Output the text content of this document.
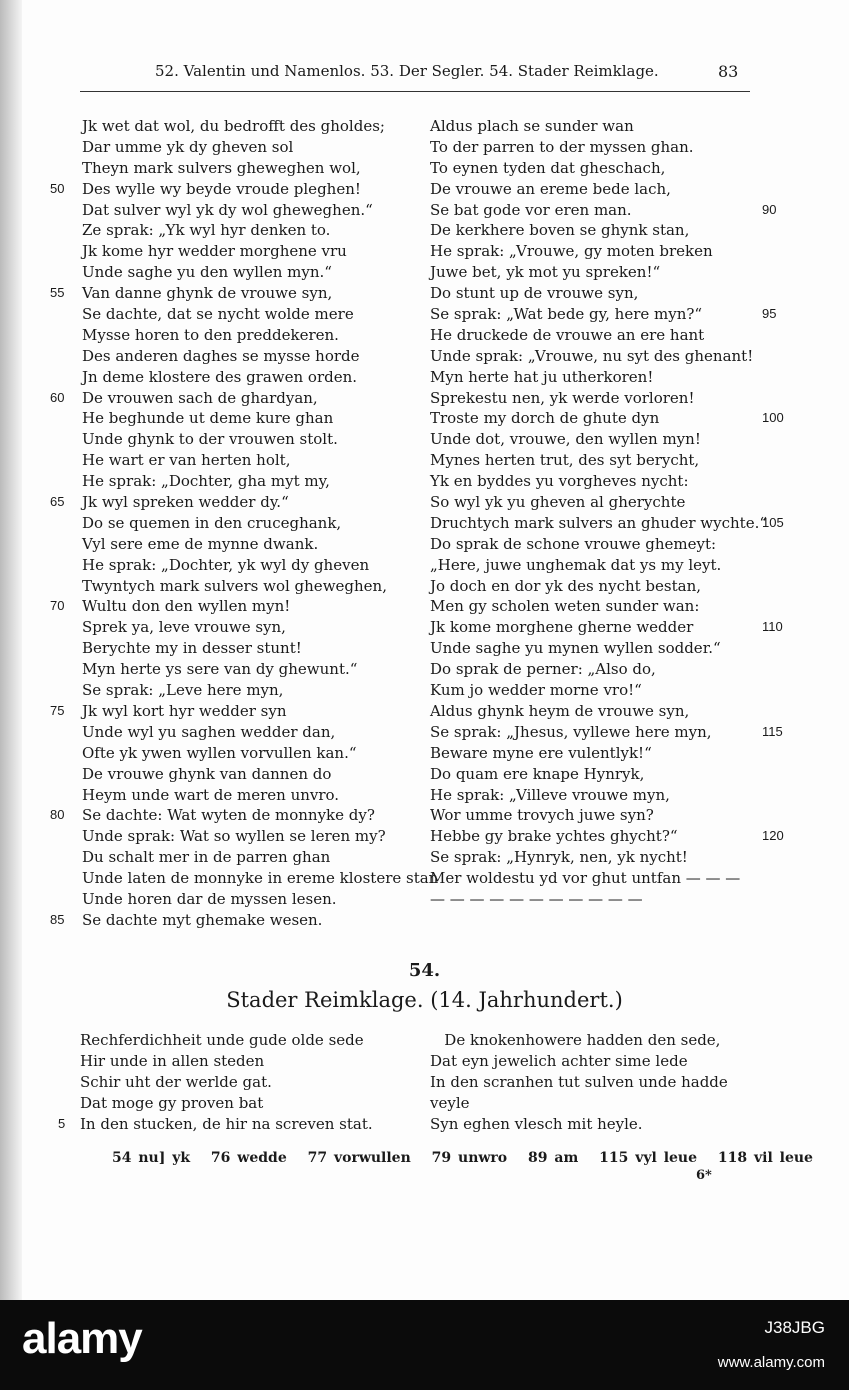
52. Valentin und Namenlos. 53. Der Segler. 54. Stader Reimklage.	83
Jk wet dat wol, du bedrofft des gholdes;
Dar umme yk dy gheven sol
Theyn mark sulvers gheweghen wol,
50 Des wylle wy beyde vroude pleghen!
Dat sulver wyl yk dy wol gheweghen.“
Ze sprak: „Yk wyl hyr denken to.
Jk kome hyr wedder morghene vru
Unde saghe yu den wyllen myn.“
55 Van danne ghynk de vrouwe syn,
Se dachte, dat se nycht wolde mere
Mysse horen to den preddekeren.
Des anderen daghes se mysse horde
Jn deme klostere des grawen orden.
60 De vrouwen sach de ghardyan,
He beghunde ut deme kure ghan
Unde ghynk to der vrouwen stolt.
He wart er van herten holt,
He sprak: „Dochter, gha myt my,
65 Jk wyl spreken wedder dy.“
Do se quemen in den cruceghank,
Vyl sere eme de mynne dwank.
He sprak: „Dochter, yk wyl dy gheven
Twyntych mark sulvers wol gheweghen,
70 Wultu don den wyllen myn!
Sprek ya, leve vrouwe syn,
Berychte my in desser stunt!
Myn herte ys sere van dy ghewunt.“
Se sprak: „Leve here myn,
75 Jk wyl kort hyr wedder syn
Unde wyl yu saghen wedder dan,
Ofte yk ywen wyllen vorvullen kan.“
De vrouwe ghynk van dannen do
Heym unde wart de meren unvro.
80 Se dachte: Wat wyten de monnyke dy?
Unde sprak: Wat so wyllen se leren my?
Du schalt mer in de parren ghan
Unde laten de monnyke in ereme klostere stan
Unde horen dar de myssen lesen.
85 Se dachte myt ghemake wesen.
Aldus plach se sunder wan
To der parren to der myssen ghan.
To eynen tyden dat gheschach,
De vrouwe an ereme bede lach,
90
Se bat gode vor eren man.
De kerkhere boven se ghynk stan,
He sprak: „Vrouwe, gy moten breken
Juwe bet, yk mot yu spreken!“
Do stunt up de vrouwe syn,
95
Se sprak: „Wat bede gy, here myn?“
He druckede de vrouwe an ere hant
Unde sprak: „Vrouwe, nu syt des ghenant!
Myn herte hat ju utherkoren!
Sprekestu nen, yk werde vorloren!
100
Troste my dorch de ghute dyn
Unde dot, vrouwe, den wyllen myn!
Mynes herten trut, des syt berycht,
Yk en byddes yu vorgheves nycht:
So wyl yk yu gheven al gherychte
105
Druchtych mark sulvers an ghuder wychte.“
Do sprak de schone vrouwe ghemeyt:
„Here, juwe unghemak dat ys my leyt.
Jo doch en dor yk des nycht bestan,
Men gy scholen weten sunder wan:
110
Jk kome morghene gherne wedder
Unde saghe yu mynen wyllen sodder.“
Do sprak de perner: „Also do,
Kum jo wedder morne vro!“
Aldus ghynk heym de vrouwe syn,
115
Se sprak: „Jhesus, vyllewe here myn,
Beware myne ere vulentlyk!“
Do quam ere knape Hynryk,
He sprak: „Villeve vrouwe myn,
Wor umme trovych juwe syn?
120
Hebbe gy brake ychtes ghycht?“
Se sprak: „Hynryk, nen, yk nycht!
Mer woldestu yd vor ghut untfan — — —
— — — — — — — — — — —
54.
Stader Reimklage. (14. Jahrhundert.)
Rechferdichheit unde gude olde sede
Hir unde in allen steden
Schir uht der werlde gat.
Dat moge gy proven bat
5 In den stucken, de hir na screven stat.
De knokenhowere hadden den sede,
Dat eyn jewelich achter sime lede
In den scranhen tut sulven unde hadde
veyle
Syn eghen vlesch mit heyle.
54 nu] yk 76 wedde 77 vorwullen 79 unwro 89 am 115 vyl leue 118 vil leue
6*
alamy	J38JBG
www.alamy.com
